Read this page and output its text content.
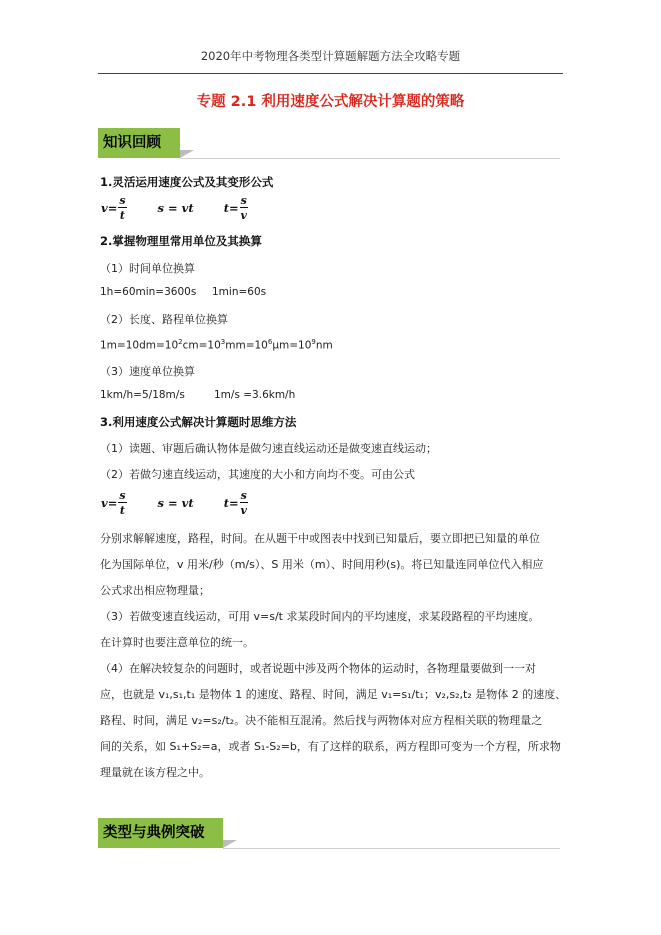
2020年中考物理各类型计算题解题方法全攻略专题
专题 2.1 利用速度公式解决计算题的策略
知识回顾
1.灵活运用速度公式及其变形公式
$v = \frac{s}{t}$	s = vt	$t = \frac{s}{v}$
2.掌握物理里常用单位及其换算
（1）时间单位换算
1h=60min=3600s 1min=60s
（2）长度、路程单位换算
$1m=10dm=10^2cm=10^3mm=10^6\mu m=10^9nm$
（3）速度单位换算
1km/h=5/18m/s	1m/s =3.6km/h
3.利用速度公式解决计算题时思维方法
（1）读题、审题后确认物体是做匀速直线运动还是做变速直线运动；
（2）若做匀速直线运动，其速度的大小和方向均不变。可由公式
$v = \frac{s}{t}$	s = vt	$t = \frac{s}{v}$
分别求解解速度，路程，时间。在从题干中或图表中找到已知量后，要立即把已知量的单位
化为国际单位，v 用米/秒（m/s）、S 用米（m）、时间用秒(s)。将已知量连同单位代入相应
公式求出相应物理量；
（3）若做变速直线运动，可用 v=s/t 求某段时间内的平均速度，求某段路程的平均速度。
在计算时也要注意单位的统一。
（4）在解决较复杂的问题时，或者说题中涉及两个物体的运动时，各物理量要做到一一对
应，也就是 v₁,s₁,t₁ 是物体 1 的速度、路程、时间，满足 v₁=s₁/t₁；v₂,s₂,t₂ 是物体 2 的速度、
路程、时间，满足 v₂=s₂/t₂。决不能相互混淆。然后找与两物体对应方程相关联的物理量之
间的关系，如 S₁+S₂=a，或者 S₁-S₂=b，有了这样的联系，两方程即可变为一个方程，所求物
理量就在该方程之中。
类型与典例突破
